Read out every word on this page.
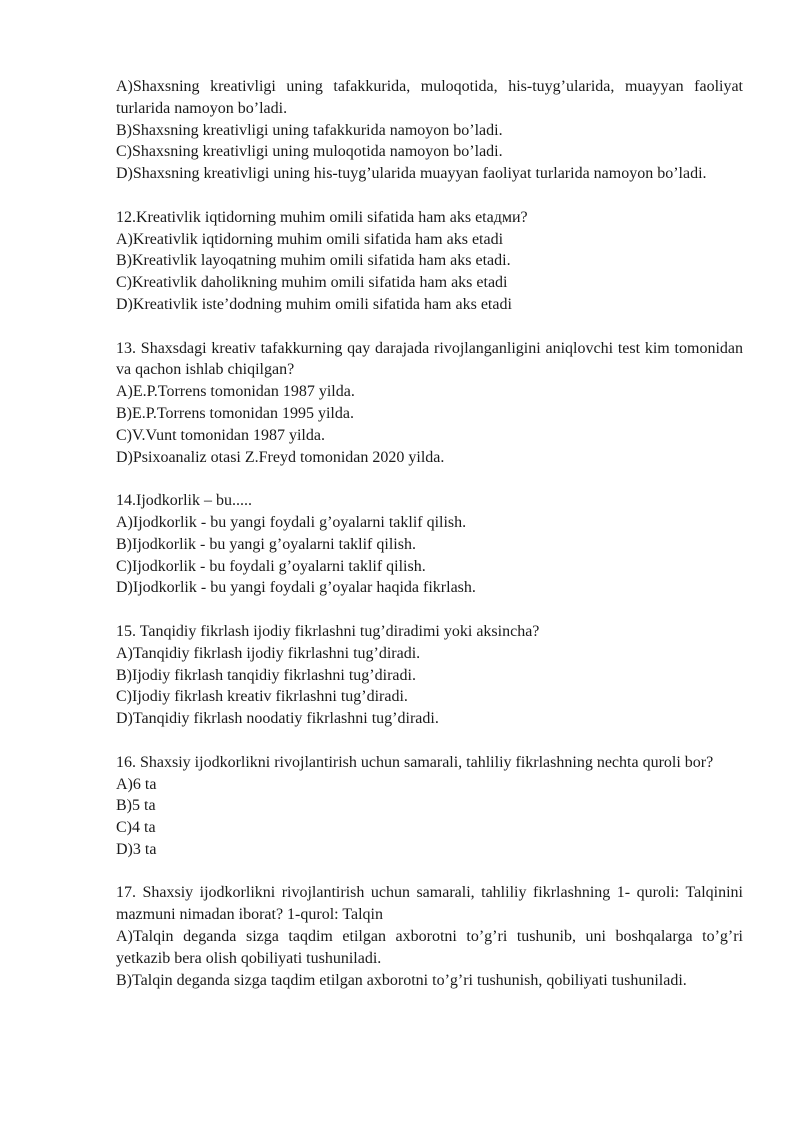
A)Shaxsning kreativligi uning tafakkurida, muloqotida, his-tuyg’ularida, muayyan faoliyat turlarida namoyon bo’ladi.
B)Shaxsning kreativligi uning tafakkurida namoyon bo’ladi.
C)Shaxsning kreativligi uning muloqotida namoyon bo’ladi.
D)Shaxsning kreativligi uning his-tuyg’ularida muayyan faoliyat turlarida namoyon bo’ladi.
12.Kreativlik iqtidorning muhim omili sifatida ham aks etaдми?
A)Kreativlik iqtidorning muhim omili sifatida ham aks etadi
B)Kreativlik layoqatning muhim omili sifatida ham aks etadi.
C)Kreativlik daholikning muhim omili sifatida ham aks etadi
D)Kreativlik iste’dodning muhim omili sifatida ham aks etadi
13. Shaxsdagi kreativ tafakkurning qay darajada rivojlanganligini aniqlovchi test kim tomonidan va qachon ishlab chiqilgan?
A)E.P.Torrens tomonidan 1987 yilda.
B)E.P.Torrens tomonidan 1995 yilda.
C)V.Vunt tomonidan 1987 yilda.
D)Psixoanaliz otasi Z.Freyd tomonidan 2020 yilda.
14.Ijodkorlik – bu.....
A)Ijodkorlik - bu yangi foydali g’oyalarni taklif qilish.
B)Ijodkorlik - bu yangi g’oyalarni taklif qilish.
C)Ijodkorlik - bu foydali g’oyalarni taklif qilish.
D)Ijodkorlik - bu yangi foydali g’oyalar haqida fikrlash.
15. Tanqidiy fikrlash ijodiy fikrlashni tug’diradimi yoki aksincha?
A)Tanqidiy fikrlash ijodiy fikrlashni tug’diradi.
B)Ijodiy fikrlash tanqidiy fikrlashni tug’diradi.
C)Ijodiy fikrlash kreativ fikrlashni tug’diradi.
D)Tanqidiy fikrlash noodatiy fikrlashni tug’diradi.
16. Shaxsiy ijodkorlikni rivojlantirish uchun samarali, tahliliy fikrlashning nechta quroli bor?
A)6 ta
B)5 ta
C)4 ta
D)3 ta
17. Shaxsiy ijodkorlikni rivojlantirish uchun samarali, tahliliy fikrlashning 1- quroli: Talqinini mazmuni nimadan iborat? 1-qurol: Talqin
A)Talqin deganda sizga taqdim etilgan axborotni to’g’ri tushunib, uni boshqalarga to’g’ri yetkazib bera olish qobiliyati tushuniladi.
B)Talqin deganda sizga taqdim etilgan axborotni to’g’ri tushunish, qobiliyati tushuniladi.
